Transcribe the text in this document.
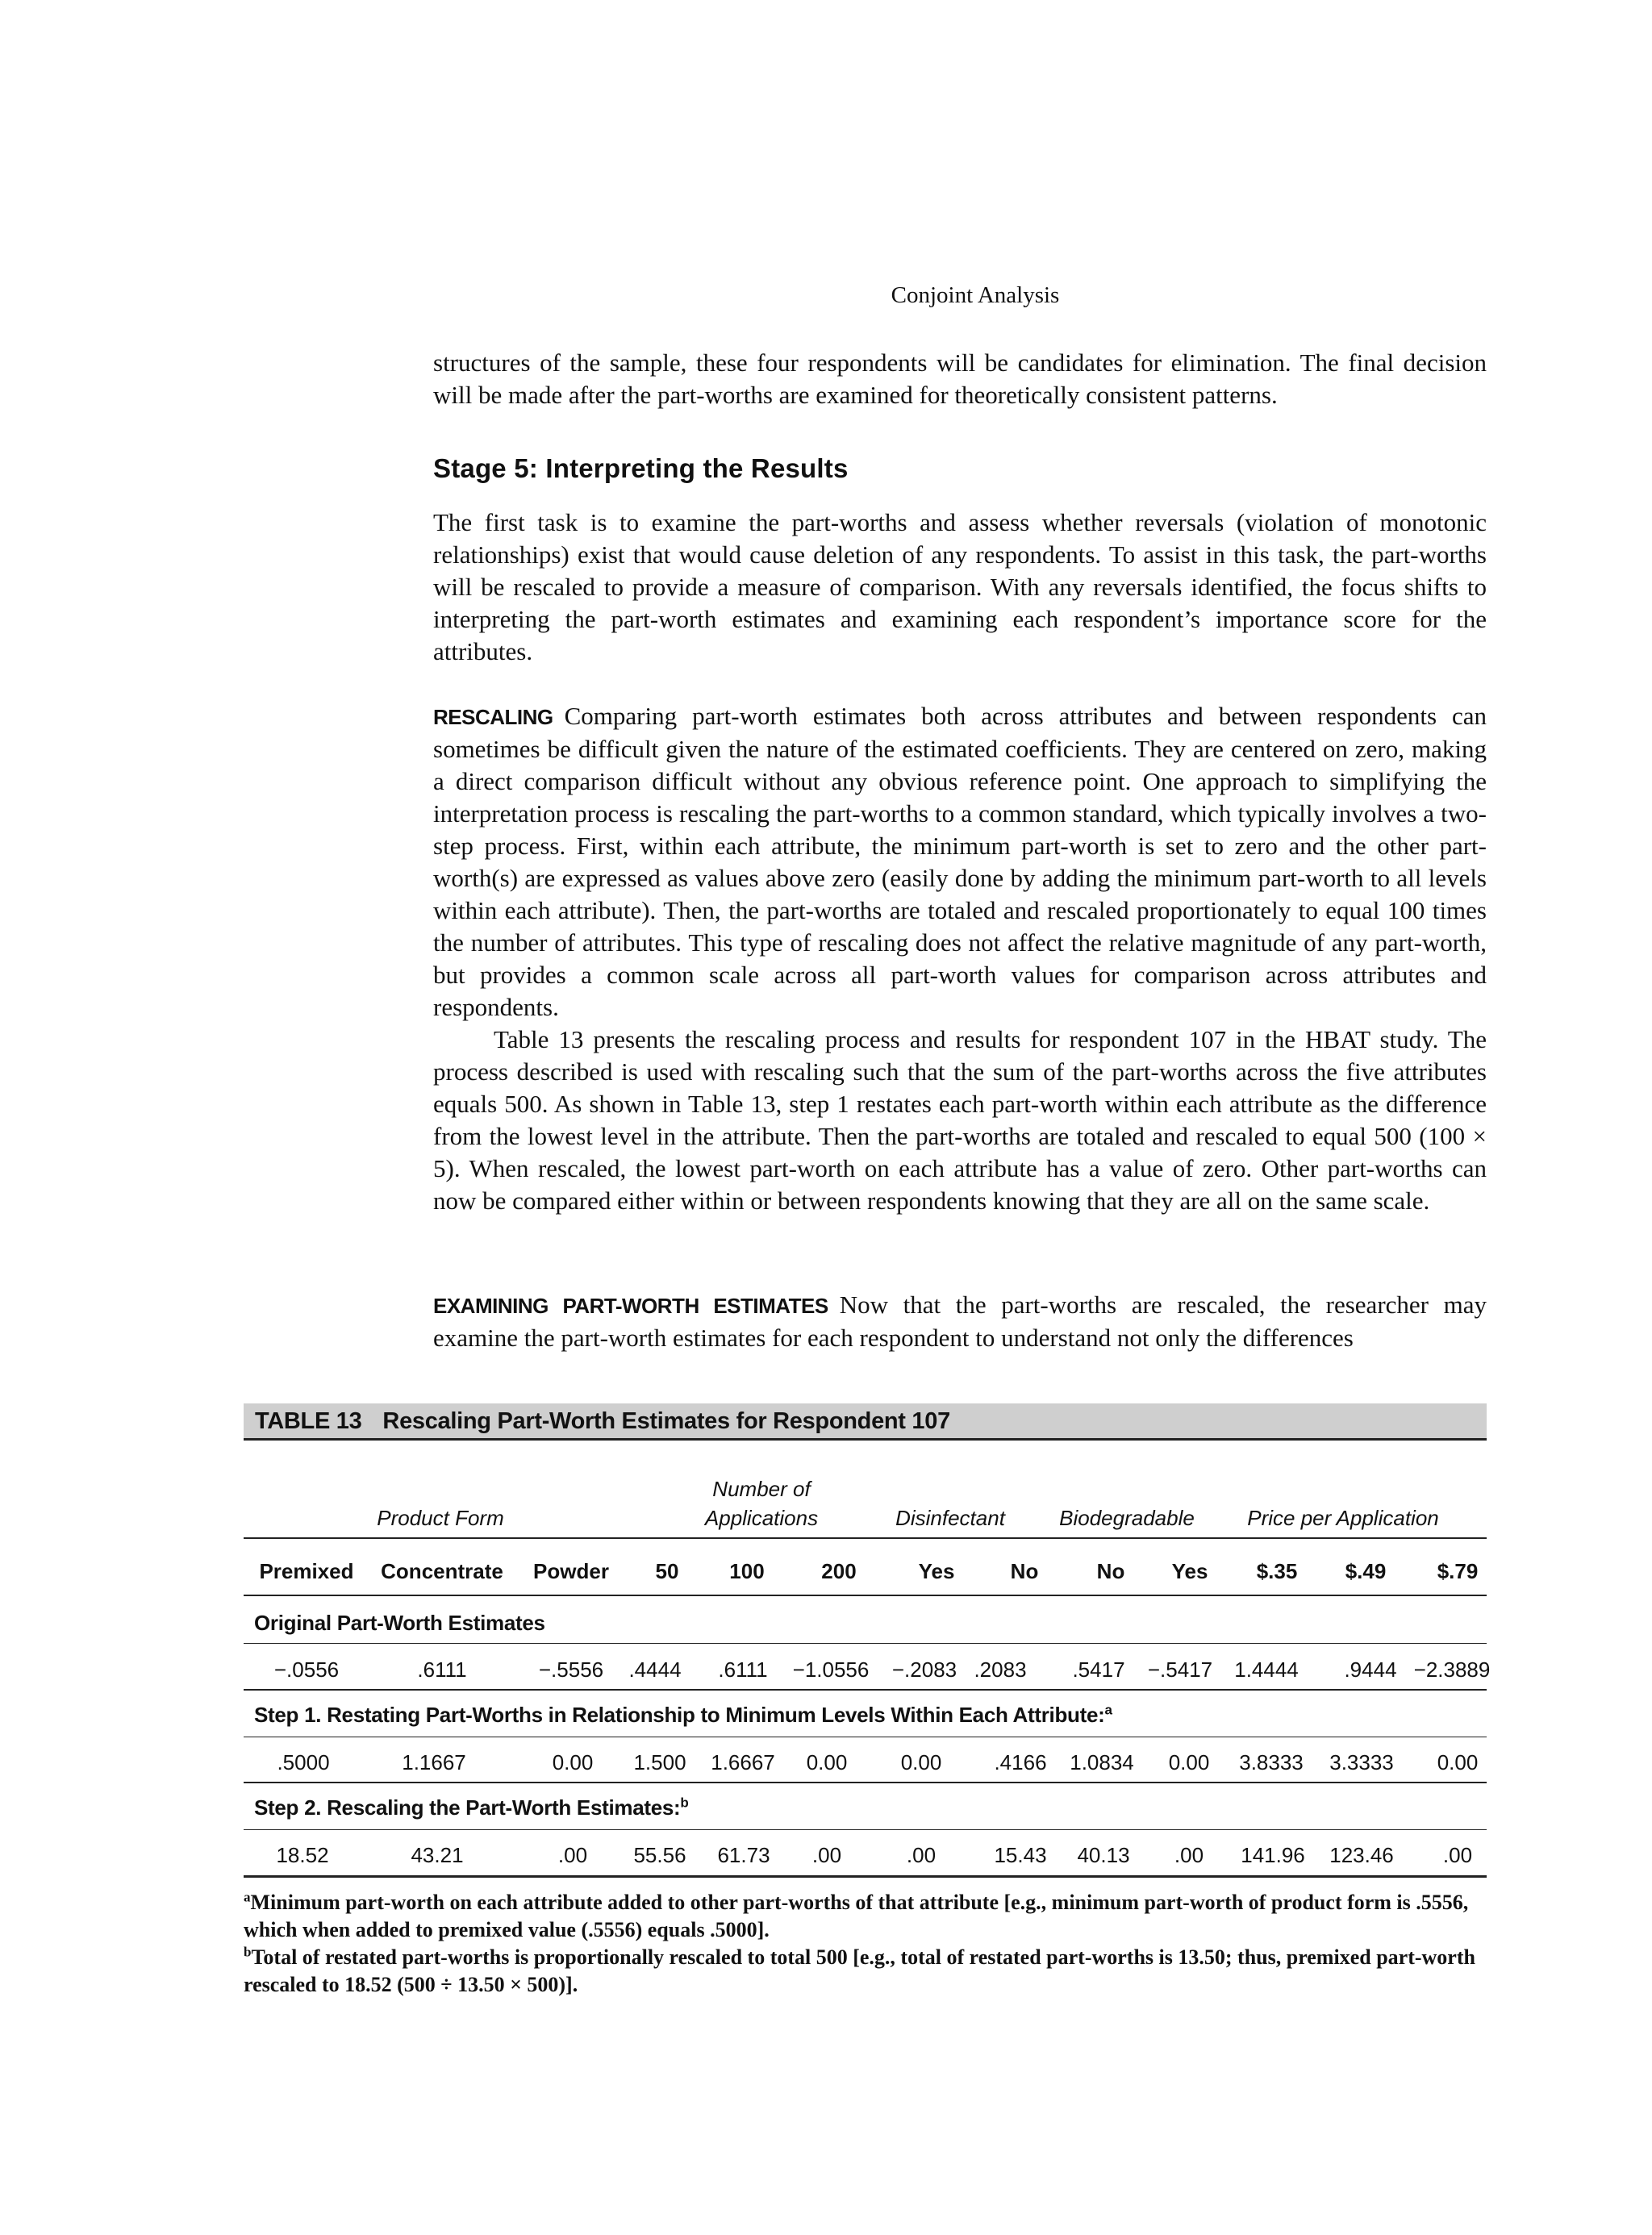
Conjoint Analysis

structures of the sample, these four respondents will be candidates for elimination. The final decision will be made after the part-worths are examined for theoretically consistent patterns.

Stage 5: Interpreting the Results

The first task is to examine the part-worths and assess whether reversals (violation of monotonic relationships) exist that would cause deletion of any respondents. To assist in this task, the part-worths will be rescaled to provide a measure of comparison. With any reversals identified, the focus shifts to interpreting the part-worth estimates and examining each respondent’s importance score for the attributes.

RESCALING Comparing part-worth estimates both across attributes and between respondents can sometimes be difficult given the nature of the estimated coefficients. They are centered on zero, making a direct comparison difficult without any obvious reference point. One approach to simplifying the interpretation process is rescaling the part-worths to a common standard, which typically involves a two-step process. First, within each attribute, the minimum part-worth is set to zero and the other part-worth(s) are expressed as values above zero (easily done by adding the minimum part-worth to all levels within each attribute). Then, the part-worths are totaled and rescaled proportionately to equal 100 times the number of attributes. This type of rescaling does not affect the relative magnitude of any part-worth, but provides a common scale across all part-worth values for comparison across attributes and respondents.

Table 13 presents the rescaling process and results for respondent 107 in the HBAT study. The process described is used with rescaling such that the sum of the part-worths across the five attributes equals 500. As shown in Table 13, step 1 restates each part-worth within each attribute as the difference from the lowest level in the attribute. Then the part-worths are totaled and rescaled to equal 500 (100 × 5). When rescaled, the lowest part-worth on each attribute has a value of zero. Other part-worths can now be compared either within or between respondents knowing that they are all on the same scale.

EXAMINING PART-WORTH ESTIMATES Now that the part-worths are rescaled, the researcher may examine the part-worth estimates for each respondent to understand not only the differences

TABLE 13 Rescaling Part-Worth Estimates for Respondent 107
Product Form
Number of
Applications	Disinfectant	Biodegradable	Price per Application
Premixed Concentrate Powder 50 100	200	Yes	No	No Yes $.35 $.49 $.79
Original Part-Worth Estimates
−.0556	.6111	−.5556 .4444 .6111 −1.0556 −.2083 .2083 .5417 −.5417 1.4444 .9444 −2.3889
Step 1. Restating Part-Worths in Relationship to Minimum Levels Within Each Attribute:$^a$
.5000	1.1667	0.00 1.500 1.6667 0.00	0.00	.4166 1.0834 0.00 3.8333 3.3333 0.00
Step 2. Rescaling the Part-Worth Estimates:$^b$
18.52	43.21	.00 55.56 61.73 .00	.00	15.43 40.13 .00 141.96 123.46 .00

$^a$Minimum part-worth on each attribute added to other part-worths of that attribute [e.g., minimum part-worth of product form is .5556, which when added to premixed value (.5556) equals .5000].

$^b$Total of restated part-worths is proportionally rescaled to total 500 [e.g., total of restated part-worths is 13.50; thus, premixed part-worth rescaled to 18.52 (500 ÷ 13.50 × 500)].
